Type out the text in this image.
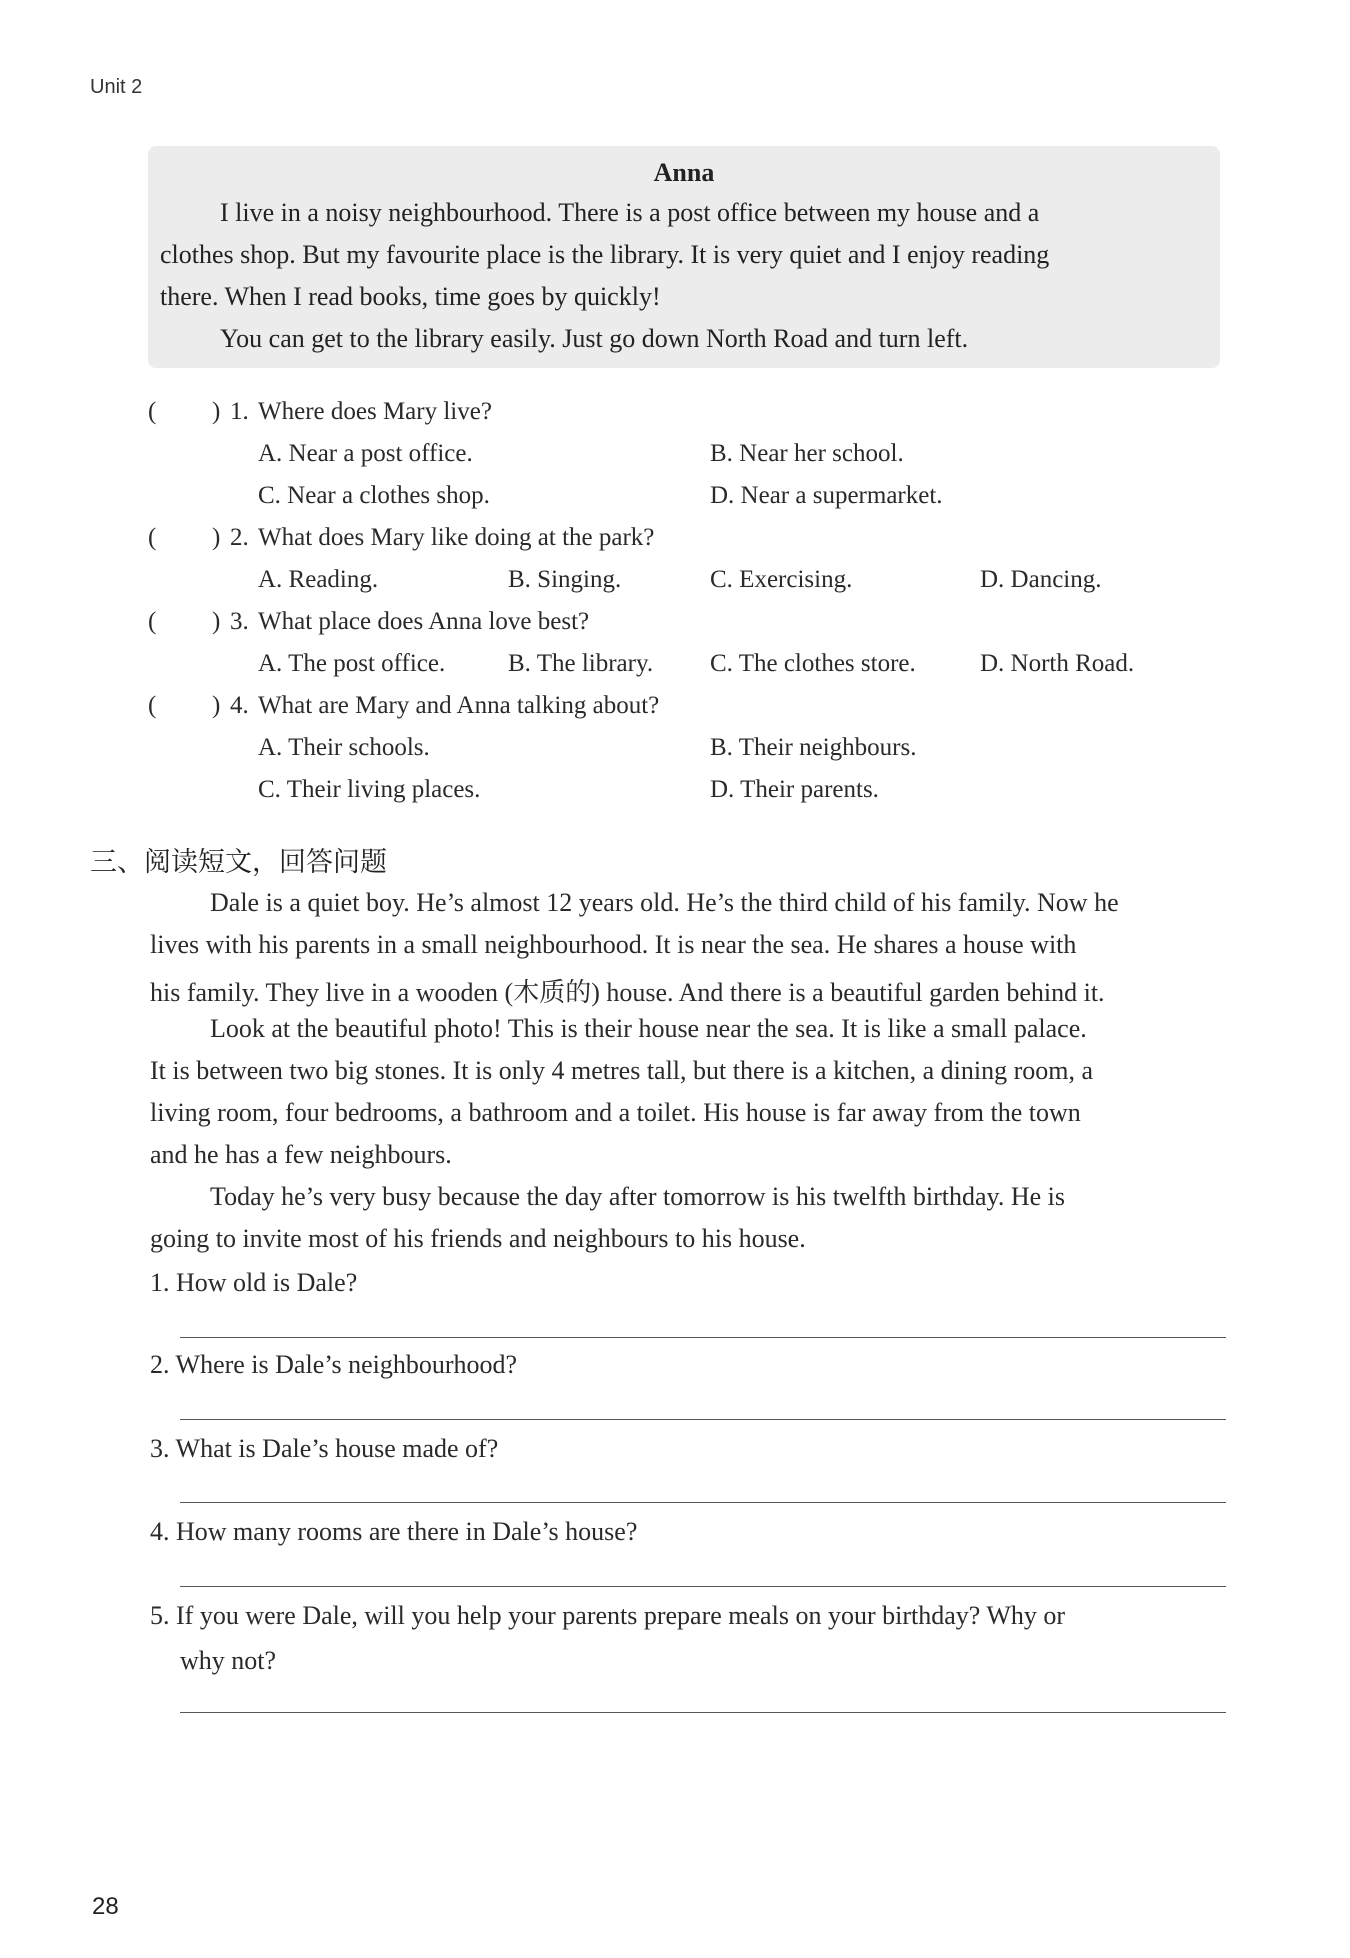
Unit 2
Anna
I live in a noisy neighbourhood. There is a post office between my house and a
clothes shop. But my favourite place is the library. It is very quiet and I enjoy reading
there. When I read books, time goes by quickly!
You can get to the library easily. Just go down North Road and turn left.
( ) 1. Where does Mary live?
A. Near a post office.	B. Near her school.
C. Near a clothes shop.	D. Near a supermarket.
( ) 2. What does Mary like doing at the park?
A. Reading.	B. Singing.	C. Exercising.	D. Dancing.
( ) 3. What place does Anna love best?
A. The post office.	B. The library. C. The clothes store.	D. North Road.
( ) 4. What are Mary and Anna talking about?
A. Their schools.	B. Their neighbours.
C. Their living places.	D. Their parents.
三、阅读短文，回答问题
Dale is a quiet boy. He’s almost 12 years old. He’s the third child of his family. Now he
lives with his parents in a small neighbourhood. It is near the sea. He shares a house with
his family. They live in a wooden (木质的) house. And there is a beautiful garden behind it.
Look at the beautiful photo! This is their house near the sea. It is like a small palace.
It is between two big stones. It is only 4 metres tall, but there is a kitchen, a dining room, a
living room, four bedrooms, a bathroom and a toilet. His house is far away from the town
and he has a few neighbours.
Today he’s very busy because the day after tomorrow is his twelfth birthday. He is
going to invite most of his friends and neighbours to his house.
1. How old is Dale?
2. Where is Dale’s neighbourhood?
3. What is Dale’s house made of?
4. How many rooms are there in Dale’s house?
5. If you were Dale, will you help your parents prepare meals on your birthday? Why or
why not?
28
